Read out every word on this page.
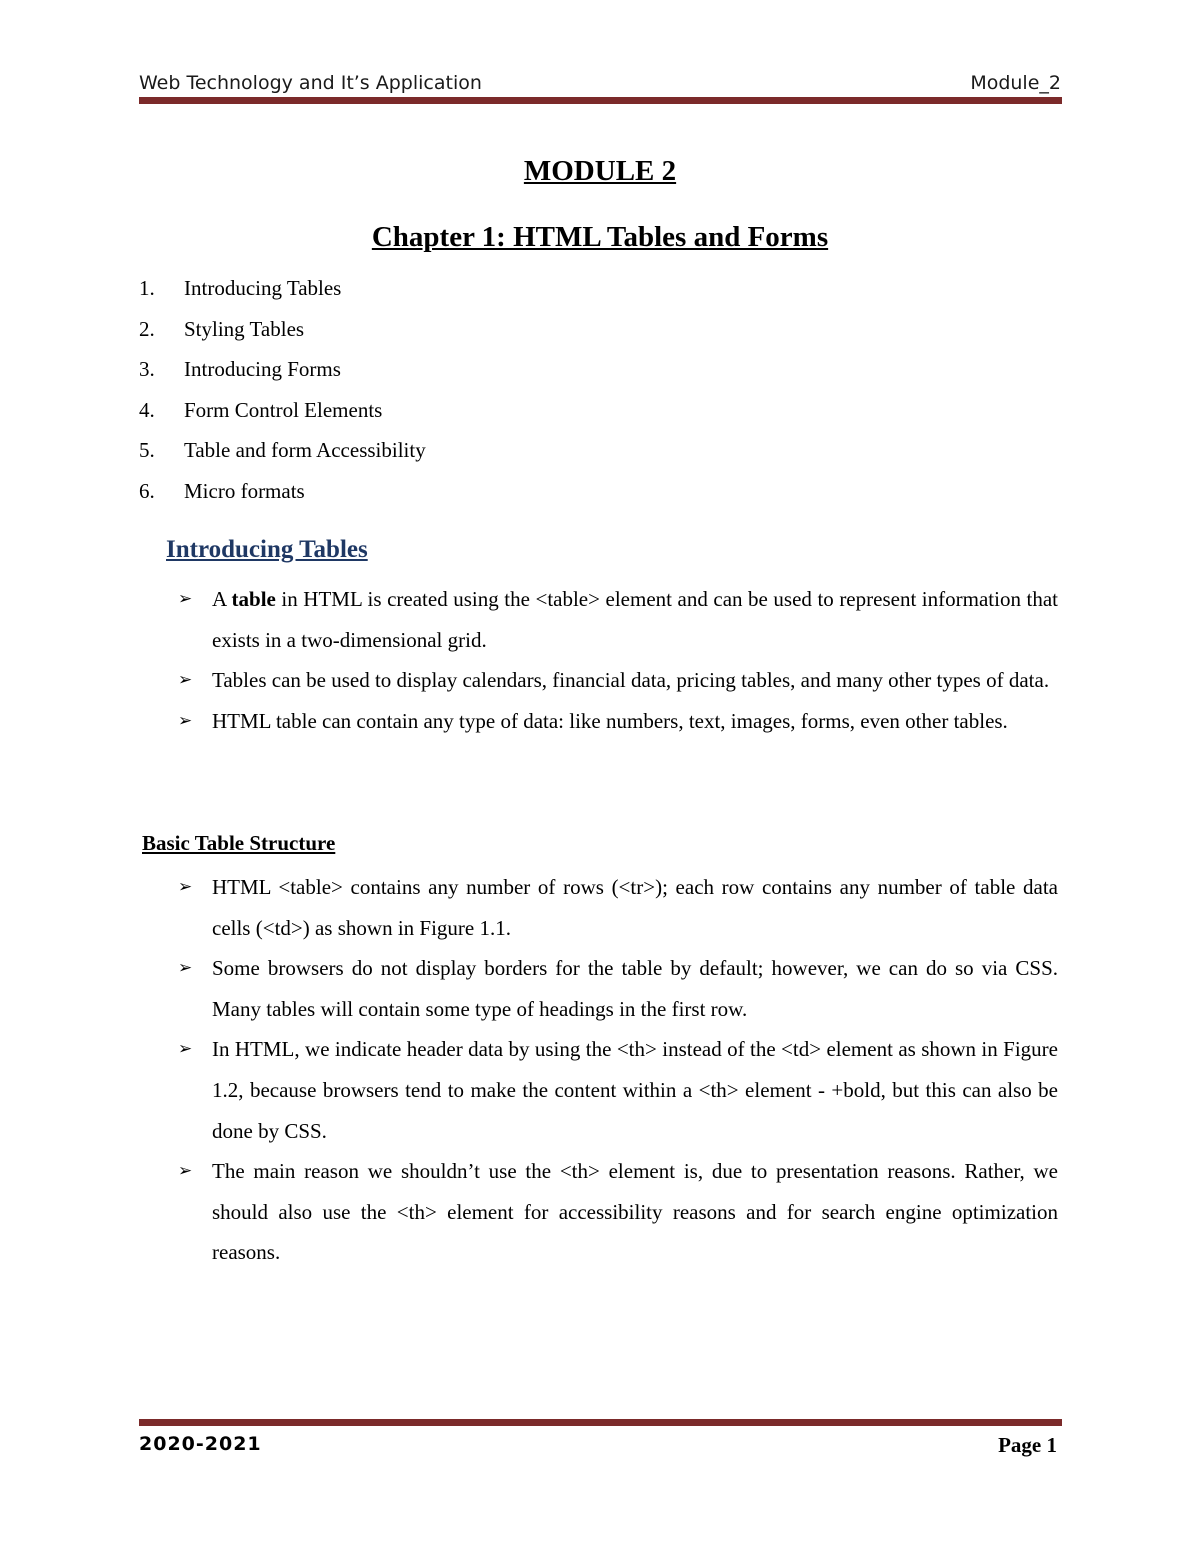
Web Technology and It’s Application	Module_2
MODULE 2
Chapter 1: HTML Tables and Forms
1.	Introducing Tables
2.	Styling Tables
3.	Introducing Forms
4.	Form Control Elements
5.	Table and form Accessibility
6.	Micro formats
Introducing Tables
➢ A table in HTML is created using the <table> element and can be used to represent information that exists in a two-dimensional grid.
➢ Tables can be used to display calendars, financial data, pricing tables, and many other types of data.
➢ HTML table can contain any type of data: like numbers, text, images, forms, even other tables.
Basic Table Structure
➢ HTML <table> contains any number of rows (<tr>); each row contains any number of table data cells (<td>) as shown in Figure 1.1.
➢ Some browsers do not display borders for the table by default; however, we can do so via CSS. Many tables will contain some type of headings in the first row.
➢ In HTML, we indicate header data by using the <th> instead of the <td> element as shown in Figure 1.2, because browsers tend to make the content within a <th> element - +bold, but this can also be done by CSS.
➢ The main reason we shouldn’t use the <th> element is, due to presentation reasons. Rather, we should also use the <th> element for accessibility reasons and for search engine optimization reasons.
2020-2021	Page 1
